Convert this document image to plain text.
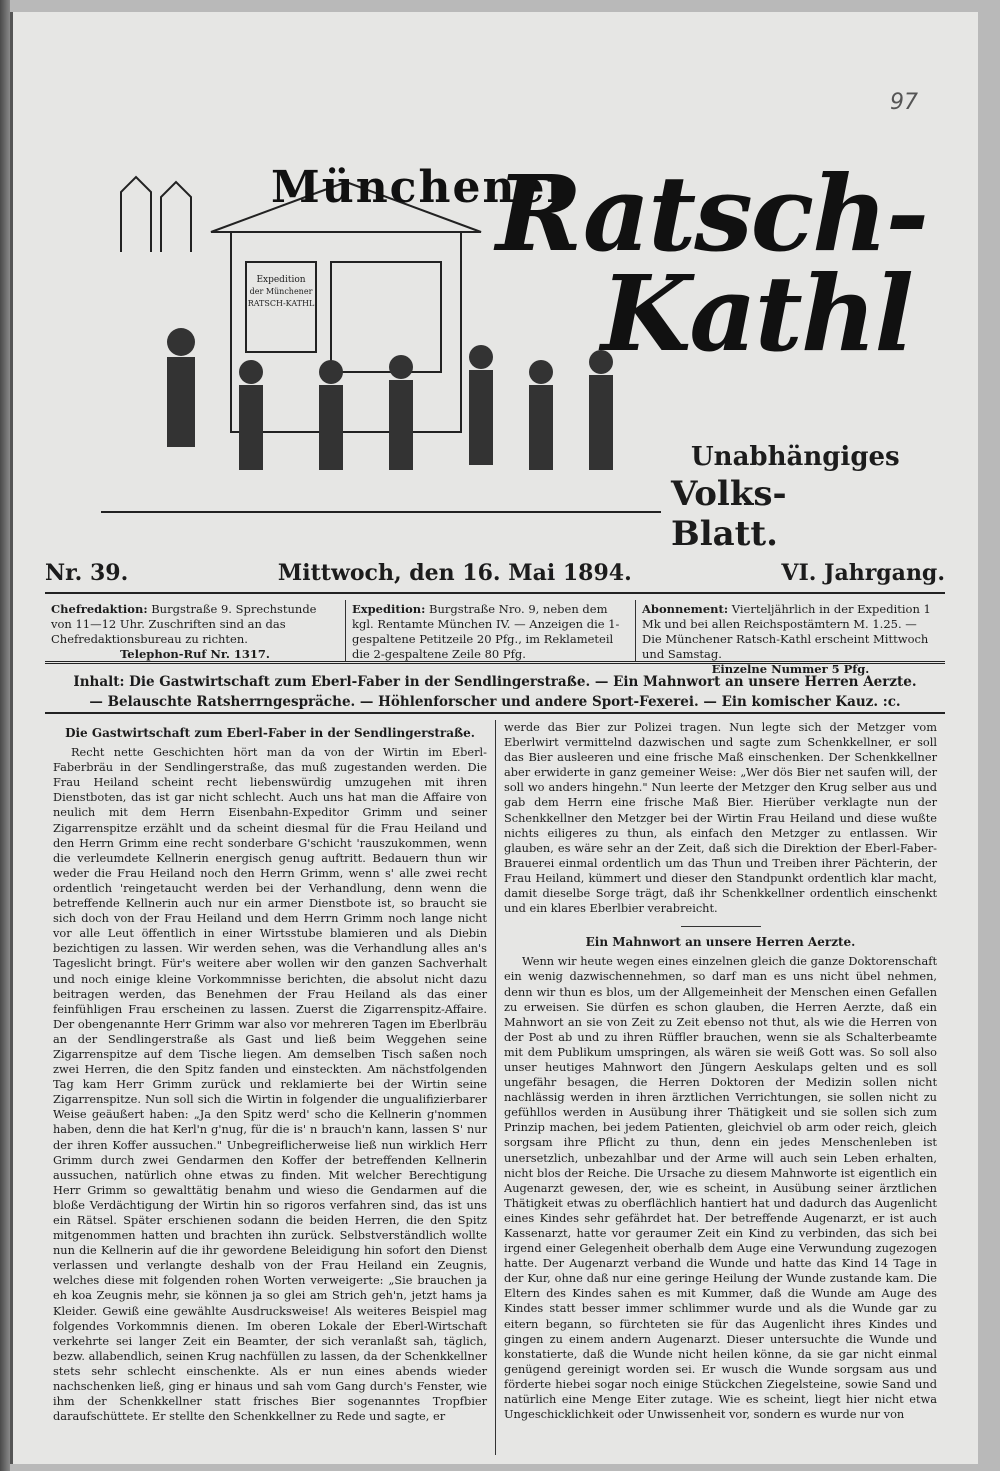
97
Expedition
der Münchener
RATSCH-KATHL
Münchener
Ratsch-
Kathl
Unabhängiges
Volks-Blatt.
Nr. 39.	Mittwoch, den 16. Mai 1894.	VI. Jahrgang.
Chefredaktion: Burgstraße 9. Sprechstunde von 11—12 Uhr. Zuschriften sind an das Chefredaktionsbureau zu richten.
Telephon-Ruf Nr. 1317.
Expedition: Burgstraße Nro. 9, neben dem kgl. Rentamte München IV. — Anzeigen die 1-gespaltene Petitzeile 20 Pfg., im Reklameteil die 2-gespaltene Zeile 80 Pfg.
Abonnement: Vierteljährlich in der Expedition 1 Mk und bei allen Reichspostämtern M. 1.25. — Die Münchener Ratsch-Kathl erscheint Mittwoch und Samstag.
Einzelne Nummer 5 Pfg.
Inhalt: Die Gastwirtschaft zum Eberl-Faber in der Sendlingerstraße. — Ein Mahnwort an unsere Herren Aerzte.
— Belauschte Ratsherrngespräche. — Höhlenforscher und andere Sport-Fexerei. — Ein komischer Kauz. :c.
Die Gastwirtschaft zum Eberl-Faber in der Sendlingerstraße.

Recht nette Geschichten hört man da von der Wirtin im Eberl-Faberbräu in der Sendlingerstraße, das muß zugestanden werden. Die Frau Heiland scheint recht liebenswürdig umzugehen mit ihren Dienstboten, das ist gar nicht schlecht. Auch uns hat man die Affaire von neulich mit dem Herrn Eisenbahn-Expeditor Grimm und seiner Zigarrenspitze erzählt und da scheint diesmal für die Frau Heiland und den Herrn Grimm eine recht sonderbare G'schicht 'rauszukommen, wenn die verleumdete Kellnerin energisch genug auftritt. Bedauern thun wir weder die Frau Heiland noch den Herrn Grimm, wenn s' alle zwei recht ordentlich 'reingetaucht werden bei der Verhandlung, denn wenn die betreffende Kellnerin auch nur ein armer Dienstbote ist, so braucht sie sich doch von der Frau Heiland und dem Herrn Grimm noch lange nicht vor alle Leut öffentlich in einer Wirtsstube blamieren und als Diebin bezichtigen zu lassen. Wir werden sehen, was die Verhandlung alles an's Tageslicht bringt. Für's weitere aber wollen wir den ganzen Sachverhalt und noch einige kleine Vorkommnisse berichten, die absolut nicht dazu beitragen werden, das Benehmen der Frau Heiland als das einer feinfühligen Frau erscheinen zu lassen. Zuerst die Zigarrenspitz-Affaire. Der obengenannte Herr Grimm war also vor mehreren Tagen im Eberlbräu an der Sendlingerstraße als Gast und ließ beim Weggehen seine Zigarrenspitze auf dem Tische liegen. Am demselben Tisch saßen noch zwei Herren, die den Spitz fanden und einsteckten. Am nächstfolgenden Tag kam Herr Grimm zurück und reklamierte bei der Wirtin seine Zigarrenspitze. Nun soll sich die Wirtin in folgender die ungualifizierbarer Weise geäußert haben: „Ja den Spitz werd' scho die Kellnerin g'nommen haben, denn die hat Kerl'n g'nug, für die is' n brauch'n kann, lassen S' nur der ihren Koffer aussuchen." Unbegreiflicherweise ließ nun wirklich Herr Grimm durch zwei Gendarmen den Koffer der betreffenden Kellnerin aussuchen, natürlich ohne etwas zu finden. Mit welcher Berechtigung Herr Grimm so gewalttätig benahm und wieso die Gendarmen auf die bloße Verdächtigung der Wirtin hin so rigoros verfahren sind, das ist uns ein Rätsel. Später erschienen sodann die beiden Herren, die den Spitz mitgenommen hatten und brachten ihn zurück. Selbstverständlich wollte nun die Kellnerin auf die ihr gewordene Beleidigung hin sofort den Dienst verlassen und verlangte deshalb von der Frau Heiland ein Zeugnis, welches diese mit folgenden rohen Worten verweigerte: „Sie brauchen ja eh koa Zeugnis mehr, sie können ja so glei am Strich geh'n, jetzt hams ja Kleider. Gewiß eine gewählte Ausdrucksweise! Als weiteres Beispiel mag folgendes Vorkommnis dienen. Im oberen Lokale der Eberl-Wirtschaft verkehrte sei langer Zeit ein Beamter, der sich veranlaßt sah, täglich, bezw. allabendlich, seinen Krug nachfüllen zu lassen, da der Schenkkellner stets sehr schlecht einschenkte. Als er nun eines abends wieder nachschenken ließ, ging er hinaus und sah vom Gang durch's Fenster, wie ihm der Schenkkellner statt frisches Bier sogenanntes Tropfbier daraufschüttete. Er stellte den Schenkkellner zu Rede und sagte, er

werde das Bier zur Polizei tragen. Nun legte sich der Metzger vom Eberlwirt vermittelnd dazwischen und sagte zum Schenkkellner, er soll das Bier ausleeren und eine frische Maß einschenken. Der Schenkkellner aber erwiderte in ganz gemeiner Weise: „Wer dös Bier net saufen will, der soll wo anders hingehn." Nun leerte der Metzger den Krug selber aus und gab dem Herrn eine frische Maß Bier. Hierüber verklagte nun der Schenkkellner den Metzger bei der Wirtin Frau Heiland und diese wußte nichts eiligeres zu thun, als einfach den Metzger zu entlassen. Wir glauben, es wäre sehr an der Zeit, daß sich die Direktion der Eberl-Faber-Brauerei einmal ordentlich um das Thun und Treiben ihrer Pächterin, der Frau Heiland, kümmert und dieser den Standpunkt ordentlich klar macht, damit dieselbe Sorge trägt, daß ihr Schenkkellner ordentlich einschenkt und ein klares Eberlbier verabreicht.

Ein Mahnwort an unsere Herren Aerzte.

Wenn wir heute wegen eines einzelnen gleich die ganze Doktorenschaft ein wenig dazwischennehmen, so darf man es uns nicht übel nehmen, denn wir thun es blos, um der Allgemeinheit der Menschen einen Gefallen zu erweisen. Sie dürfen es schon glauben, die Herren Aerzte, daß ein Mahnwort an sie von Zeit zu Zeit ebenso not thut, als wie die Herren von der Post ab und zu ihren Rüffler brauchen, wenn sie als Schalterbeamte mit dem Publikum umspringen, als wären sie weiß Gott was. So soll also unser heutiges Mahnwort den Jüngern Aeskulaps gelten und es soll ungefähr besagen, die Herren Doktoren der Medizin sollen nicht nachlässig werden in ihren ärztlichen Verrichtungen, sie sollen nicht zu gefühllos werden in Ausübung ihrer Thätigkeit und sie sollen sich zum Prinzip machen, bei jedem Patienten, gleichviel ob arm oder reich, gleich sorgsam ihre Pflicht zu thun, denn ein jedes Menschenleben ist unersetzlich, unbezahlbar und der Arme will auch sein Leben erhalten, nicht blos der Reiche. Die Ursache zu diesem Mahnworte ist eigentlich ein Augenarzt gewesen, der, wie es scheint, in Ausübung seiner ärztlichen Thätigkeit etwas zu oberflächlich hantiert hat und dadurch das Augenlicht eines Kindes sehr gefährdet hat. Der betreffende Augenarzt, er ist auch Kassenarzt, hatte vor geraumer Zeit ein Kind zu verbinden, das sich bei irgend einer Gelegenheit oberhalb dem Auge eine Verwundung zugezogen hatte. Der Augenarzt verband die Wunde und hatte das Kind 14 Tage in der Kur, ohne daß nur eine geringe Heilung der Wunde zustande kam. Die Eltern des Kindes sahen es mit Kummer, daß die Wunde am Auge des Kindes statt besser immer schlimmer wurde und als die Wunde gar zu eitern begann, so fürchteten sie für das Augenlicht ihres Kindes und gingen zu einem andern Augenarzt. Dieser untersuchte die Wunde und konstatierte, daß die Wunde nicht heilen könne, da sie gar nicht einmal genügend gereinigt worden sei. Er wusch die Wunde sorgsam aus und förderte hiebei sogar noch einige Stückchen Ziegelsteine, sowie Sand und natürlich eine Menge Eiter zutage. Wie es scheint, liegt hier nicht etwa Ungeschicklichkeit oder Unwissenheit vor, sondern es wurde nur von
